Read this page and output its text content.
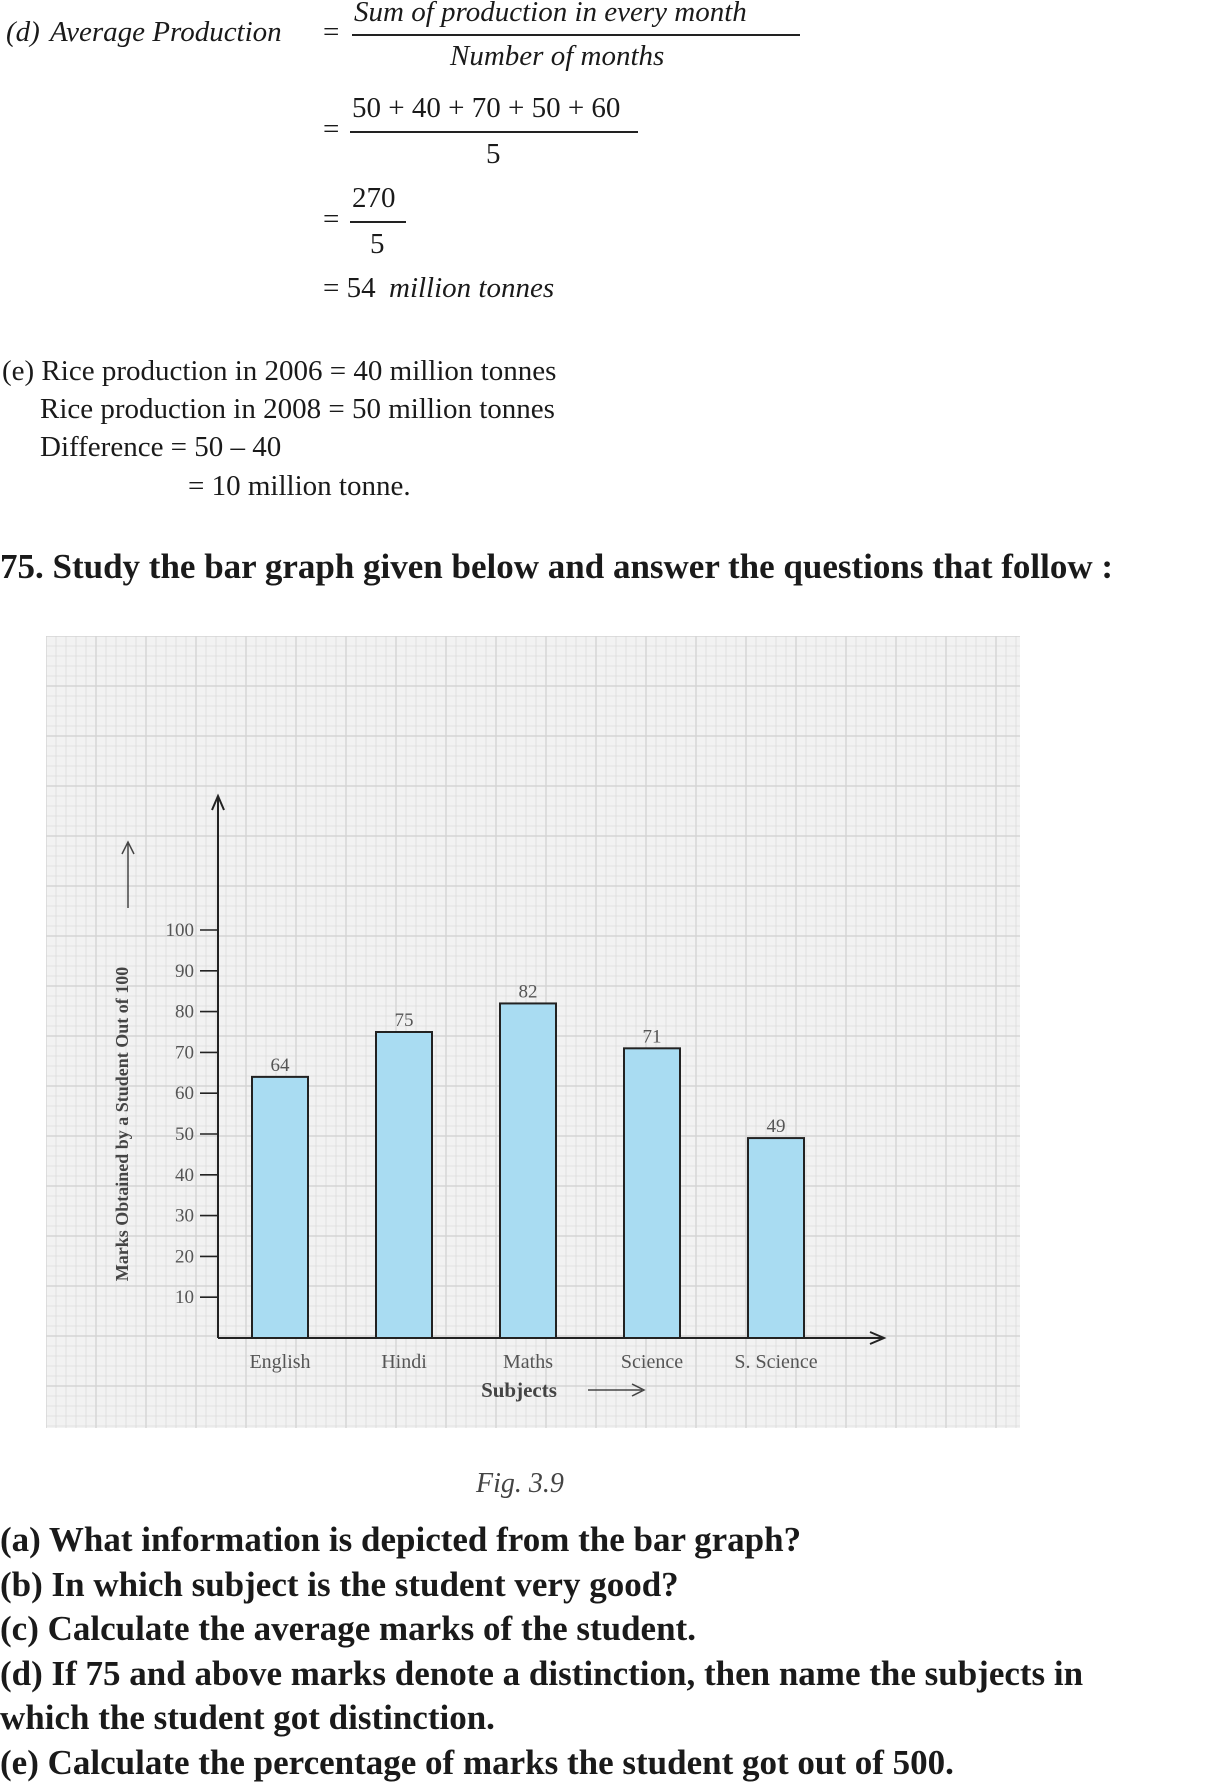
(d) Average Production =
Sum of production in every month
Number of months
=
50 + 40 + 70 + 50 + 60
5
=
270
5
= 54 million tonnes
(e) Rice production in 2006 = 40 million tonnes
Rice production in 2008 = 50 million tonnes
Difference = 50 – 40
= 10 million tonne.
75. Study the bar graph given below and answer the questions that follow :
10
20
30
40
50
60
70
80
90
100
64
English
75
Hindi
82
Maths
71
Science
49
S. Science
Marks Obtained by a Student Out of 100
Subjects
Fig. 3.9
(a) What information is depicted from the bar graph?
(b) In which subject is the student very good?
(c) Calculate the average marks of the student.
(d) If 75 and above marks denote a distinction, then name the subjects in
which the student got distinction.
(e) Calculate the percentage of marks the student got out of 500.
